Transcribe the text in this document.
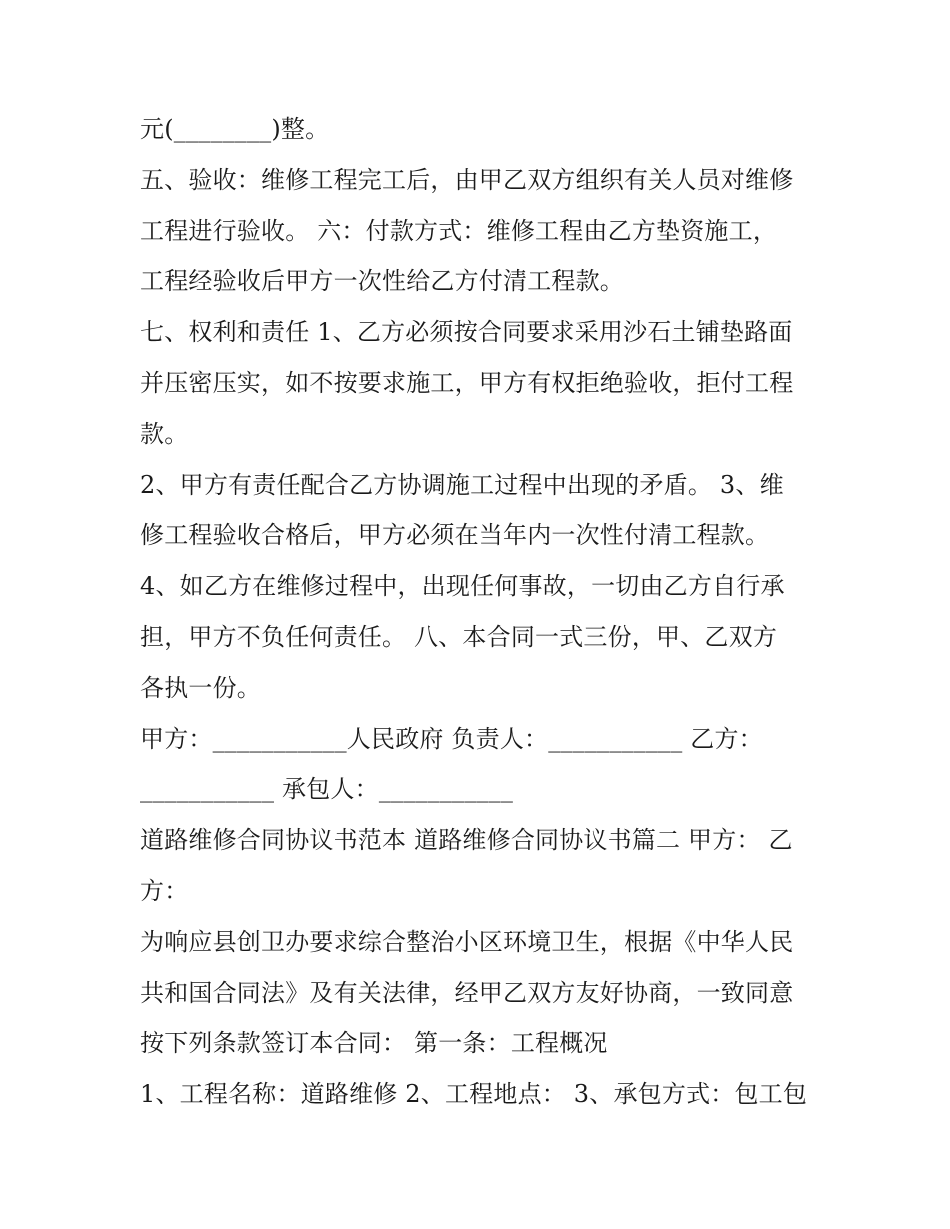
元(________)整。
五、验收：维修工程完工后，由甲乙双方组织有关人员对维修
工程进行验收。 六：付款方式：维修工程由乙方垫资施工，
工程经验收后甲方一次性给乙方付清工程款。
七、权利和责任 1、乙方必须按合同要求采用沙石土铺垫路面
并压密压实，如不按要求施工，甲方有权拒绝验收，拒付工程
款。
2、甲方有责任配合乙方协调施工过程中出现的矛盾。 3、维
修工程验收合格后，甲方必须在当年内一次性付清工程款。
4、如乙方在维修过程中，出现任何事故，一切由乙方自行承
担，甲方不负任何责任。 八、本合同一式三份，甲、乙双方
各执一份。
甲方：___________人民政府 负责人：___________ 乙方：
___________ 承包人：___________
道路维修合同协议书范本 道路维修合同协议书篇二 甲方： 乙
方：
为响应县创卫办要求综合整治小区环境卫生，根据《中华人民
共和国合同法》及有关法律，经甲乙双方友好协商，一致同意
按下列条款签订本合同： 第一条：工程概况
1、工程名称：道路维修 2、工程地点： 3、承包方式：包工包
